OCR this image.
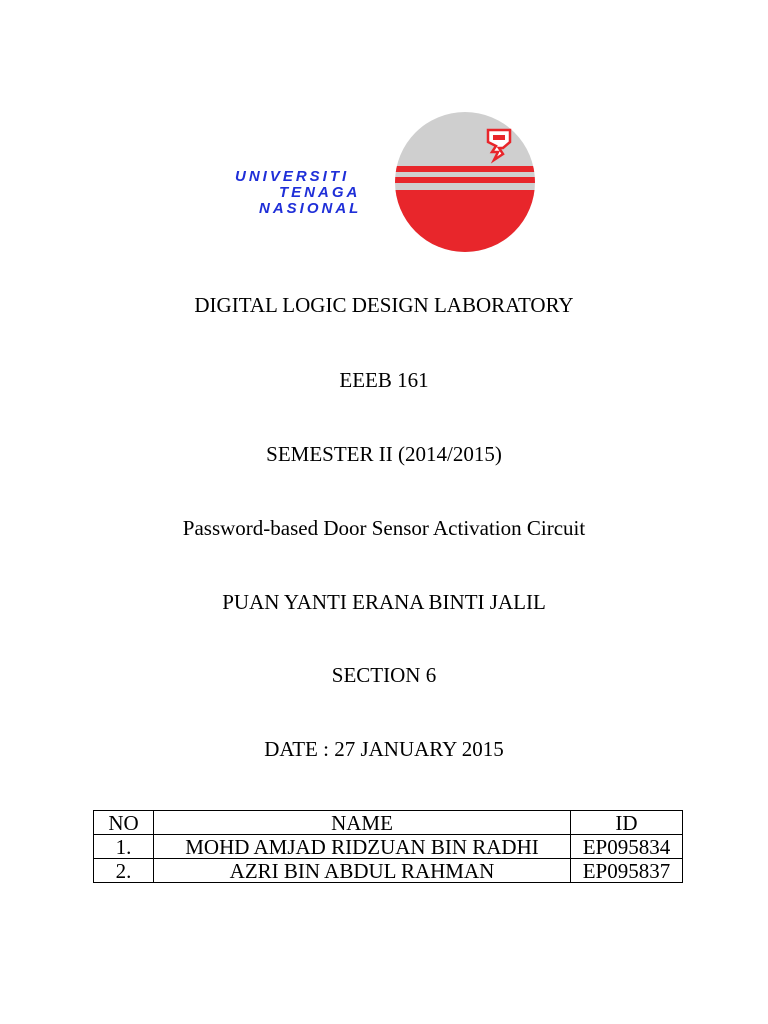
UNIVERSITI
TENAGA
NASIONAL
DIGITAL LOGIC DESIGN LABORATORY
EEEB 161
SEMESTER II (2014/2015)
Password-based Door Sensor Activation Circuit
PUAN YANTI ERANA BINTI JALIL
SECTION 6
DATE : 27 JANUARY 2015
NO	NAME	ID
1.	MOHD AMJAD RIDZUAN BIN RADHI	EP095834
2.	AZRI BIN ABDUL RAHMAN	EP095837
